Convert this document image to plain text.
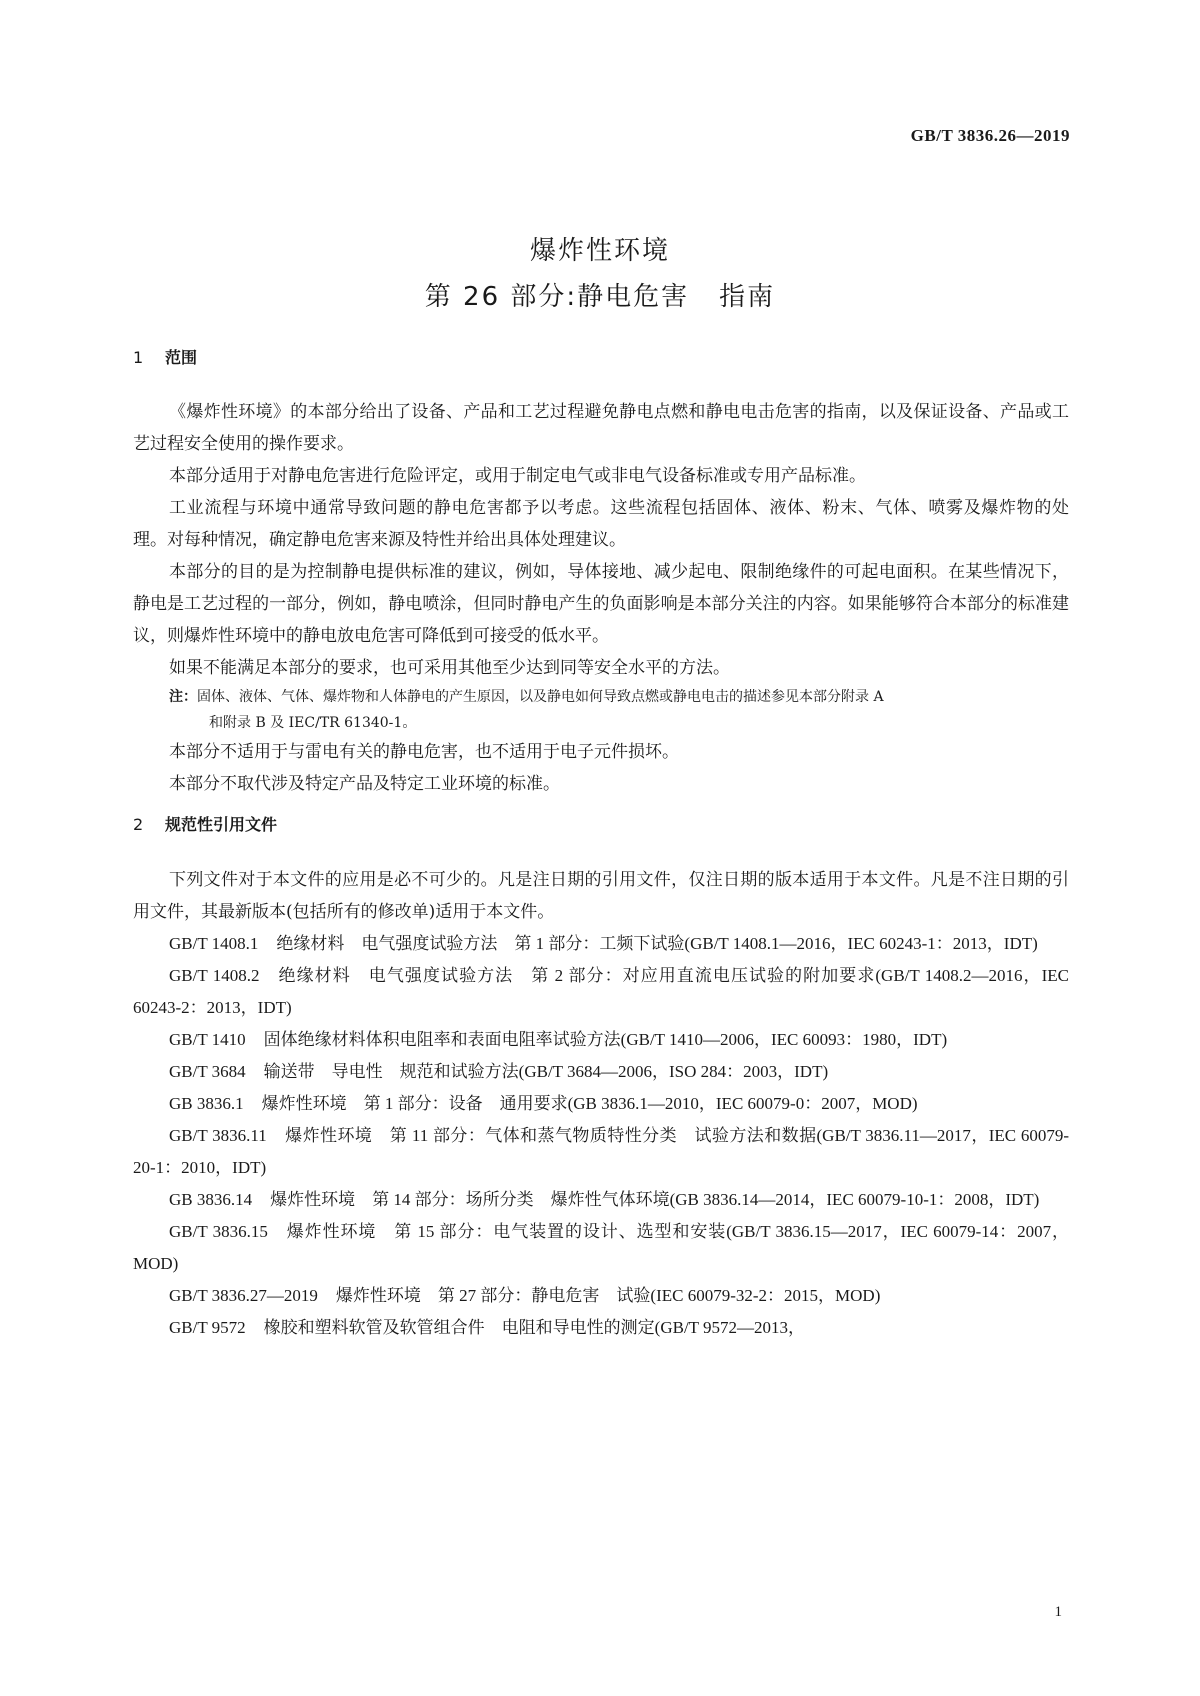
GB/T 3836.26—2019
爆炸性环境
第 26 部分:静电危害 指南
1 范围

《爆炸性环境》的本部分给出了设备、产品和工艺过程避免静电点燃和静电电击危害的指南，以及保证设备、产品或工艺过程安全使用的操作要求。

本部分适用于对静电危害进行危险评定，或用于制定电气或非电气设备标准或专用产品标准。

工业流程与环境中通常导致问题的静电危害都予以考虑。这些流程包括固体、液体、粉末、气体、喷雾及爆炸物的处理。对每种情况，确定静电危害来源及特性并给出具体处理建议。

本部分的目的是为控制静电提供标准的建议，例如，导体接地、减少起电、限制绝缘件的可起电面积。在某些情况下，静电是工艺过程的一部分，例如，静电喷涂，但同时静电产生的负面影响是本部分关注的内容。如果能够符合本部分的标准建议，则爆炸性环境中的静电放电危害可降低到可接受的低水平。

如果不能满足本部分的要求，也可采用其他至少达到同等安全水平的方法。

注：固体、液体、气体、爆炸物和人体静电的产生原因，以及静电如何导致点燃或静电电击的描述参见本部分附录 A
和附录 B 及 IEC/TR 61340-1。

本部分不适用于与雷电有关的静电危害，也不适用于电子元件损坏。

本部分不取代涉及特定产品及特定工业环境的标准。

2 规范性引用文件

下列文件对于本文件的应用是必不可少的。凡是注日期的引用文件，仅注日期的版本适用于本文件。凡是不注日期的引用文件，其最新版本(包括所有的修改单)适用于本文件。

GB/T 1408.1 绝缘材料　电气强度试验方法　第 1 部分：工频下试验(GB/T 1408.1—2016，IEC 60243-1：2013，IDT)

GB/T 1408.2 绝缘材料　电气强度试验方法　第 2 部分：对应用直流电压试验的附加要求(GB/T 1408.2—2016，IEC 60243-2：2013，IDT)

GB/T 1410 固体绝缘材料体积电阻率和表面电阻率试验方法(GB/T 1410—2006，IEC 60093：1980，IDT)

GB/T 3684 输送带　导电性　规范和试验方法(GB/T 3684—2006，ISO 284：2003，IDT)

GB 3836.1 爆炸性环境　第 1 部分：设备　通用要求(GB 3836.1—2010，IEC 60079-0：2007，MOD)

GB/T 3836.11 爆炸性环境　第 11 部分：气体和蒸气物质特性分类　试验方法和数据(GB/T 3836.11—2017，IEC 60079-20-1：2010，IDT)

GB 3836.14 爆炸性环境　第 14 部分：场所分类　爆炸性气体环境(GB 3836.14—2014，IEC 60079-10-1：2008，IDT)

GB/T 3836.15 爆炸性环境　第 15 部分：电气装置的设计、选型和安装(GB/T 3836.15—2017，IEC 60079-14：2007，MOD)

GB/T 3836.27—2019 爆炸性环境　第 27 部分：静电危害　试验(IEC 60079-32-2：2015，MOD)

GB/T 9572 橡胶和塑料软管及软管组合件　电阻和导电性的测定(GB/T 9572—2013，

1
